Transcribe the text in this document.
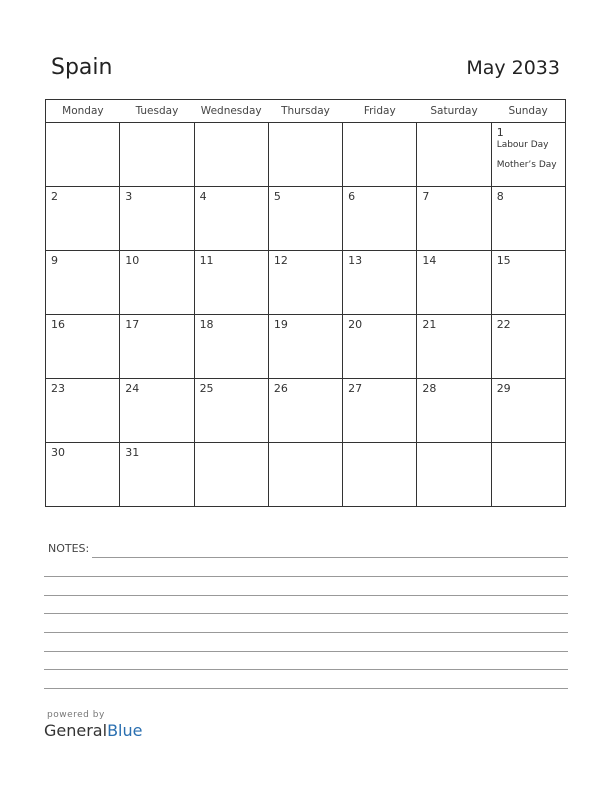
Spain	May 2033
Monday	Tuesday	Wednesday	Thursday	Friday	Saturday	Sunday

						1
Labour Day
Mother’s Day

2	3	4	5	6	7	8

9	10	11	12	13	14	15

16	17	18	19	20	21	22

23	24	25	26	27	28	29

30	31					

NOTES:
powered by
GeneralBlue
